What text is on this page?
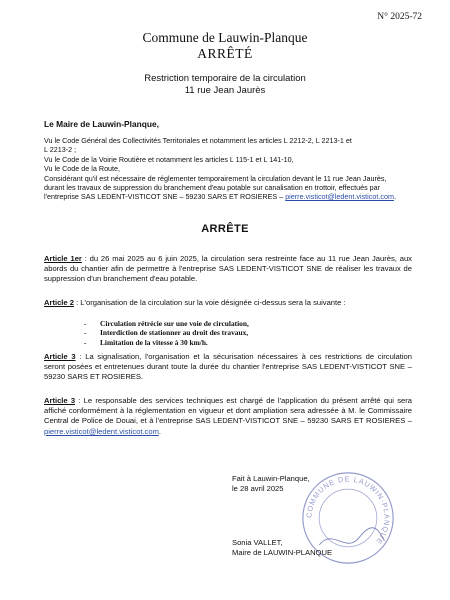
N° 2025-72
Commune de Lauwin-Planque
ARRÊTÉ
Restriction temporaire de la circulation
11 rue Jean Jaurès
Le Maire de Lauwin-Planque,
Vu le Code Général des Collectivités Territoriales et notamment les articles L 2212-2, L 2213-1 et
L 2213-2 ;
Vu le Code de la Voirie Routière et notamment les articles L 115-1 et L 141-10,
Vu le Code de la Route,
Considérant qu'il est nécessaire de réglementer temporairement la circulation devant le 11 rue Jean Jaurès,
durant les travaux de suppression du branchement d'eau potable sur canalisation en trottoir, effectués par
l'entreprise SAS LEDENT-VISTICOT SNE – 59230 SARS ET ROSIERES – pierre.visticot@ledent.visticot.com.
ARRÊTE
Article 1er : du 26 mai 2025 au 6 juin 2025, la circulation sera restreinte face au 11 rue Jean Jaurès, aux abords du chantier afin de permettre à l'entreprise SAS LEDENT-VISTICOT SNE de réaliser les travaux de suppression d'un branchement d'eau potable.
Article 2 : L'organisation de la circulation sur la voie désignée ci-dessus sera la suivante :
- Circulation rétrécie sur une voie de circulation,
- Interdiction de stationner au droit des travaux,
- Limitation de la vitesse à 30 km/h.
Article 3 : La signalisation, l'organisation et la sécurisation nécessaires à ces restrictions de circulation seront posées et entretenues durant toute la durée du chantier l'entreprise SAS LEDENT-VISTICOT SNE – 59230 SARS ET ROSIERES.
Article 3 : Le responsable des services techniques est chargé de l'application du présent arrêté qui sera affiché conformément à la réglementation en vigueur et dont ampliation sera adressée à M. le Commissaire Central de Police de Douai, et à l'entreprise SAS LEDENT-VISTICOT SNE – 59230 SARS ET ROSIERES – pierre.visticot@ledent.visticot.com.
Fait à Lauwin-Planque,
le 28 avril 2025
COMMUNE DE LAUWIN-PLANQUE
Sonia VALLET,
Maire de LAUWIN-PLANQUE
